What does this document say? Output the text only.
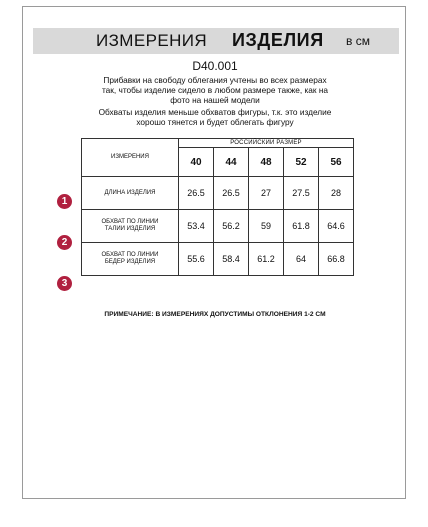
ИЗМЕРЕНИЯ ИЗДЕЛИЯ в см
D40.001
Прибавки на свободу облегания учтены во всех размерах
так, чтобы изделие сидело в любом размере также, как на
фото на нашей модели
Обхваты изделия меньше обхватов фигуры, т.к. это изделие
хорошо тянется и будет облегать фигуру
ИЗМЕРЕНИЯ	РОССИЙСКИЙ РАЗМЕР				
	40	44	48	52	56

ДЛИНА ИЗДЕЛИЯ	26.5	26.5	27	27.5	28

ОБХВАТ ПО ЛИНИИ
ТАЛИИ ИЗДЕЛИЯ	53.4	56.2	59	61.8	64.6

ОБХВАТ ПО ЛИНИИ
БЕДЕР ИЗДЕЛИЯ	55.6	58.4	61.2	64	66.8
1
2
3
ПРИМЕЧАНИЕ: В ИЗМЕРЕНИЯХ ДОПУСТИМЫ ОТКЛОНЕНИЯ 1-2 СМ
